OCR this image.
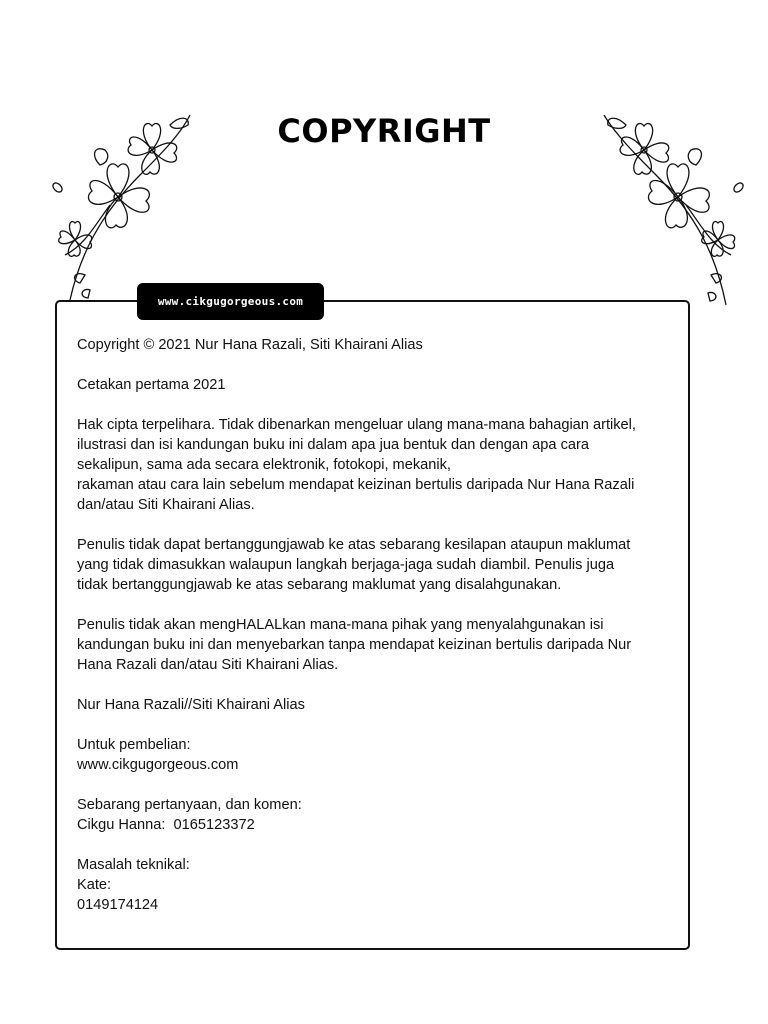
COPYRIGHT
www.cikgugorgeous.com

Copyright © 2021 Nur Hana Razali, Siti Khairani Alias

Cetakan pertama 2021

Hak cipta terpelihara. Tidak dibenarkan mengeluar ulang mana-mana bahagian artikel,
ilustrasi dan isi kandungan buku ini dalam apa jua bentuk dan dengan apa cara
sekalipun, sama ada secara elektronik, fotokopi, mekanik,
rakaman atau cara lain sebelum mendapat keizinan bertulis daripada Nur Hana Razali
dan/atau Siti Khairani Alias.

Penulis tidak dapat bertanggungjawab ke atas sebarang kesilapan ataupun maklumat
yang tidak dimasukkan walaupun langkah berjaga-jaga sudah diambil. Penulis juga
tidak bertanggungjawab ke atas sebarang maklumat yang disalahgunakan.

Penulis tidak akan mengHALALkan mana-mana pihak yang menyalahgunakan isi
kandungan buku ini dan menyebarkan tanpa mendapat keizinan bertulis daripada Nur
Hana Razali dan/atau Siti Khairani Alias.

Nur Hana Razali//Siti Khairani Alias

Untuk pembelian:
www.cikgugorgeous.com

Sebarang pertanyaan, dan komen:
Cikgu Hanna:  0165123372

Masalah teknikal:
Kate:
0149174124
